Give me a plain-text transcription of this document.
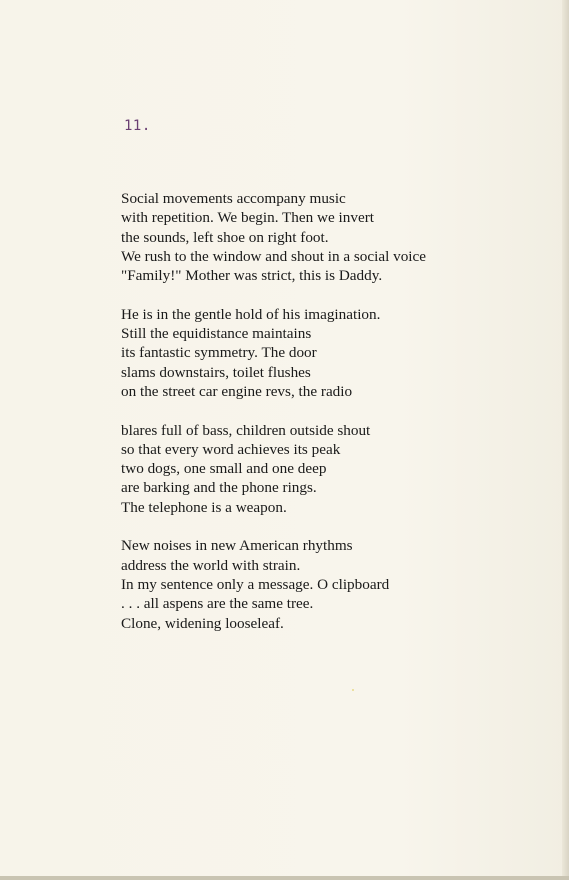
11.
Social movements accompany music
with repetition. We begin. Then we invert
the sounds, left shoe on right foot.
We rush to the window and shout in a social voice
"Family!" Mother was strict, this is Daddy.
He is in the gentle hold of his imagination.
Still the equidistance maintains
its fantastic symmetry. The door
slams downstairs, toilet flushes
on the street car engine revs, the radio
blares full of bass, children outside shout
so that every word achieves its peak
two dogs, one small and one deep
are barking and the phone rings.
The telephone is a weapon.
New noises in new American rhythms
address the world with strain.
In my sentence only a message. O clipboard
. . . all aspens are the same tree.
Clone, widening looseleaf.
